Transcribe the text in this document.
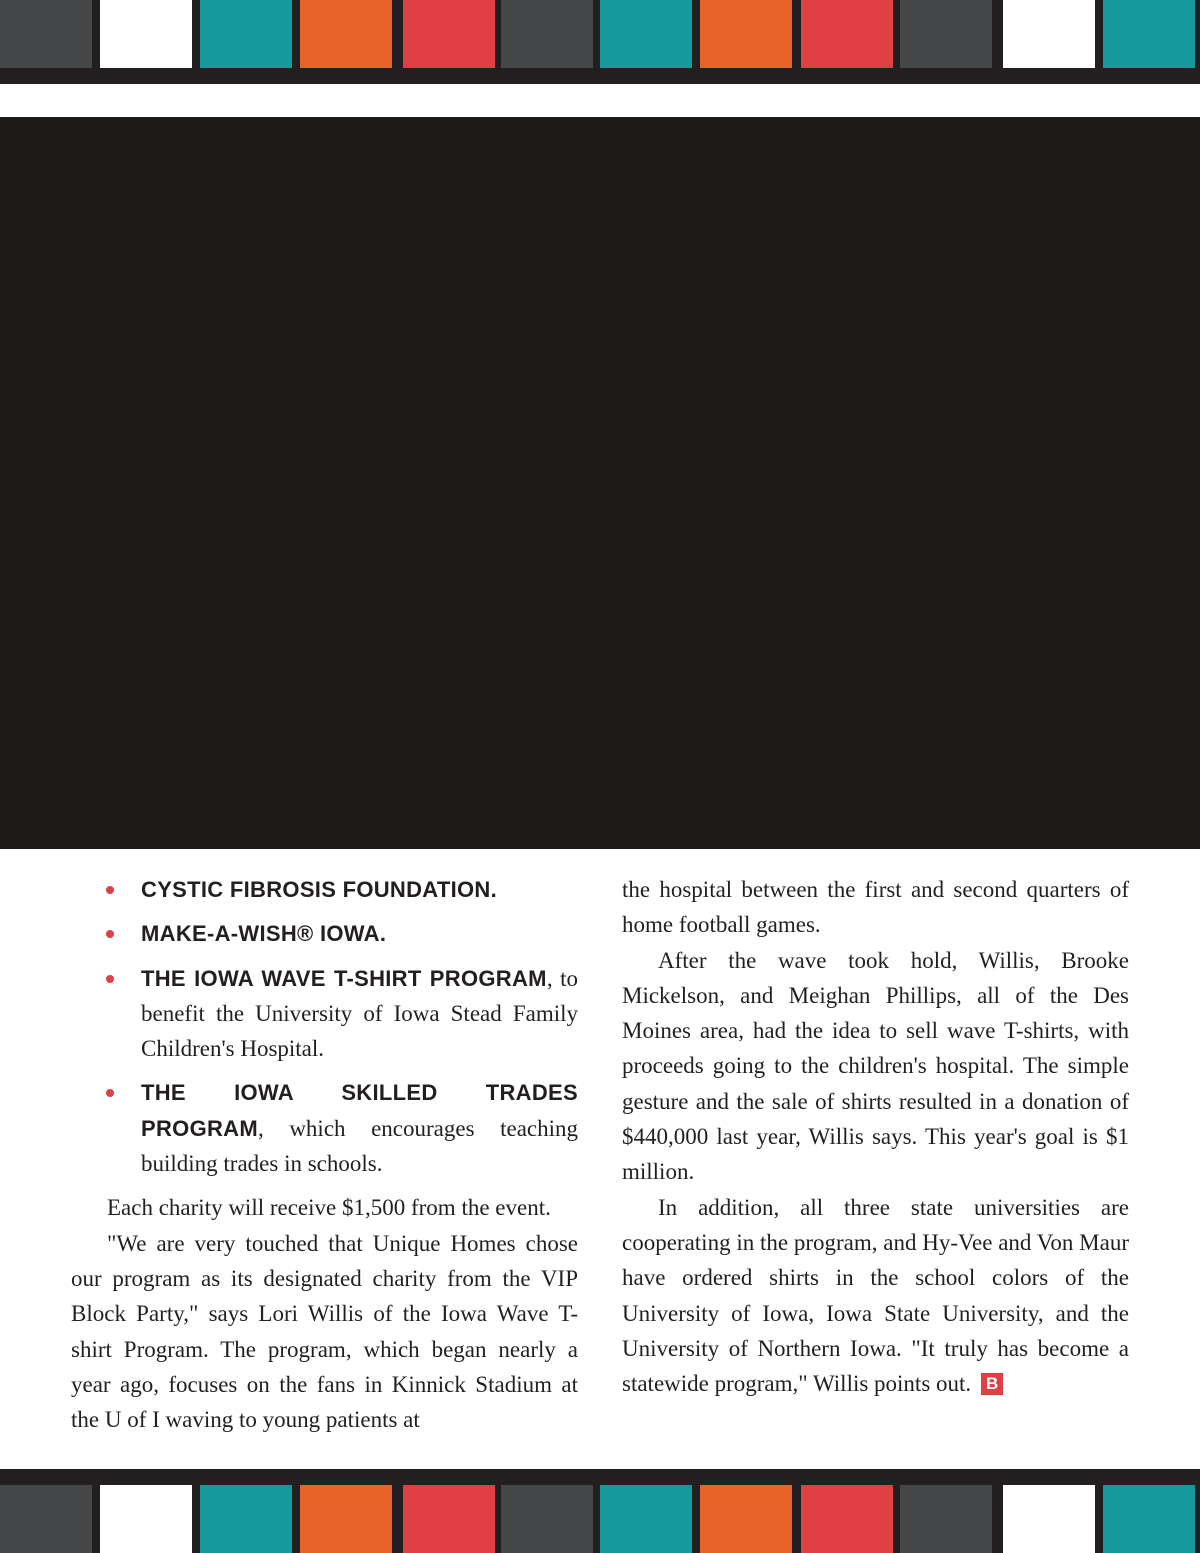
CYSTIC FIBROSIS FOUNDATION.
MAKE-A-WISH® IOWA.
THE IOWA WAVE T-SHIRT PROGRAM, to benefit the University of Iowa Stead Family Children's Hospital.
THE IOWA SKILLED TRADES PROGRAM, which encourages teaching building trades in schools.

Each charity will receive $1,500 from the event.

"We are very touched that Unique Homes chose our program as its designated charity from the VIP Block Party," says Lori Willis of the Iowa Wave T-shirt Program. The program, which began nearly a year ago, focuses on the fans in Kinnick Stadium at the U of I waving to young patients at

the hospital between the first and second quarters of home football games.

After the wave took hold, Willis, Brooke Mickelson, and Meighan Phillips, all of the Des Moines area, had the idea to sell wave T-shirts, with proceeds going to the children's hospital. The simple gesture and the sale of shirts resulted in a donation of $440,000 last year, Willis says. This year's goal is $1 million.

In addition, all three state universities are cooperating in the program, and Hy-Vee and Von Maur have ordered shirts in the school colors of the University of Iowa, Iowa State University, and the University of Northern Iowa. "It truly has become a statewide program," Willis points out. B
